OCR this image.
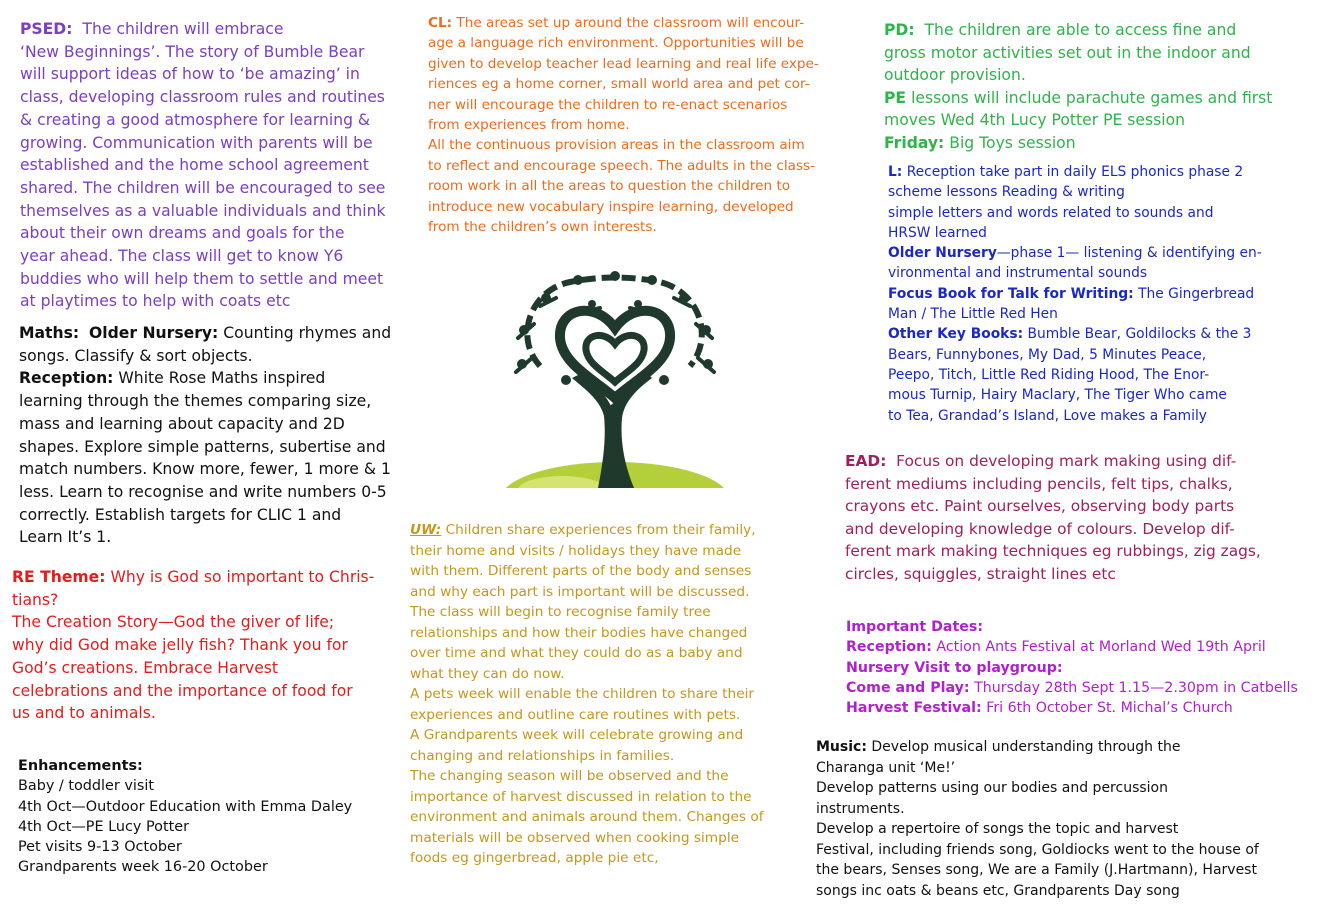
PSED: The children will embrace

‘New Beginnings’. The story of Bumble Bear

will support ideas of how to ‘be amazing’ in

class, developing classroom rules and routines

& creating a good atmosphere for learning &

growing. Communication with parents will be

established and the home school agreement

shared. The children will be encouraged to see

themselves as a valuable individuals and think

about their own dreams and goals for the

year ahead. The class will get to know Y6

buddies who will help them to settle and meet

at playtimes to help with coats etc

Maths: Older Nursery: Counting rhymes and

songs. Classify & sort objects.

Reception: White Rose Maths inspired

learning through the themes comparing size,

mass and learning about capacity and 2D

shapes. Explore simple patterns, subertise and

match numbers. Know more, fewer, 1 more & 1

less. Learn to recognise and write numbers 0-5

correctly. Establish targets for CLIC 1 and

Learn It’s 1.

RE Theme: Why is God so important to Chris-

tians?

The Creation Story—God the giver of life;

why did God make jelly fish? Thank you for

God’s creations. Embrace Harvest

celebrations and the importance of food for

us and to animals.

Enhancements:

Baby / toddler visit

4th Oct—Outdoor Education with Emma Daley

4th Oct—PE Lucy Potter

Pet visits 9-13 October

Grandparents week 16-20 October

CL: The areas set up around the classroom will encour-

age a language rich environment. Opportunities will be

given to develop teacher lead learning and real life expe-

riences eg a home corner, small world area and pet cor-

ner will encourage the children to re-enact scenarios

from experiences from home.

All the continuous provision areas in the classroom aim

to reflect and encourage speech. The adults in the class-

room work in all the areas to question the children to

introduce new vocabulary inspire learning, developed

from the children’s own interests.

UW: Children share experiences from their family,

their home and visits / holidays they have made

with them. Different parts of the body and senses

and why each part is important will be discussed.

The class will begin to recognise family tree

relationships and how their bodies have changed

over time and what they could do as a baby and

what they can do now.

A pets week will enable the children to share their

experiences and outline care routines with pets.

A Grandparents week will celebrate growing and

changing and relationships in families.

The changing season will be observed and the

importance of harvest discussed in relation to the

environment and animals around them. Changes of

materials will be observed when cooking simple

foods eg gingerbread, apple pie etc,

PD: The children are able to access fine and

gross motor activities set out in the indoor and

outdoor provision.

PE lessons will include parachute games and first

moves Wed 4th Lucy Potter PE session

Friday: Big Toys session

L: Reception take part in daily ELS phonics phase 2

scheme lessons Reading & writing

simple letters and words related to sounds and

HRSW learned

Older Nursery—phase 1— listening & identifying en-

vironmental and instrumental sounds

Focus Book for Talk for Writing: The Gingerbread

Man / The Little Red Hen

Other Key Books: Bumble Bear, Goldilocks & the 3

Bears, Funnybones, My Dad, 5 Minutes Peace,

Peepo, Titch, Little Red Riding Hood, The Enor-

mous Turnip, Hairy Maclary, The Tiger Who came

to Tea, Grandad’s Island, Love makes a Family

EAD: Focus on developing mark making using dif-

ferent mediums including pencils, felt tips, chalks,

crayons etc. Paint ourselves, observing body parts

and developing knowledge of colours. Develop dif-

ferent mark making techniques eg rubbings, zig zags,

circles, squiggles, straight lines etc

Important Dates:

Reception: Action Ants Festival at Morland Wed 19th April

Nursery Visit to playgroup:

Come and Play: Thursday 28th Sept 1.15—2.30pm in Catbells

Harvest Festival: Fri 6th October St. Michal’s Church

Music: Develop musical understanding through the

Charanga unit ‘Me!’

Develop patterns using our bodies and percussion

instruments.

Develop a repertoire of songs the topic and harvest

Festival, including friends song, Goldiocks went to the house of

the bears, Senses song, We are a Family (J.Hartmann), Harvest

songs inc oats & beans etc, Grandparents Day song
